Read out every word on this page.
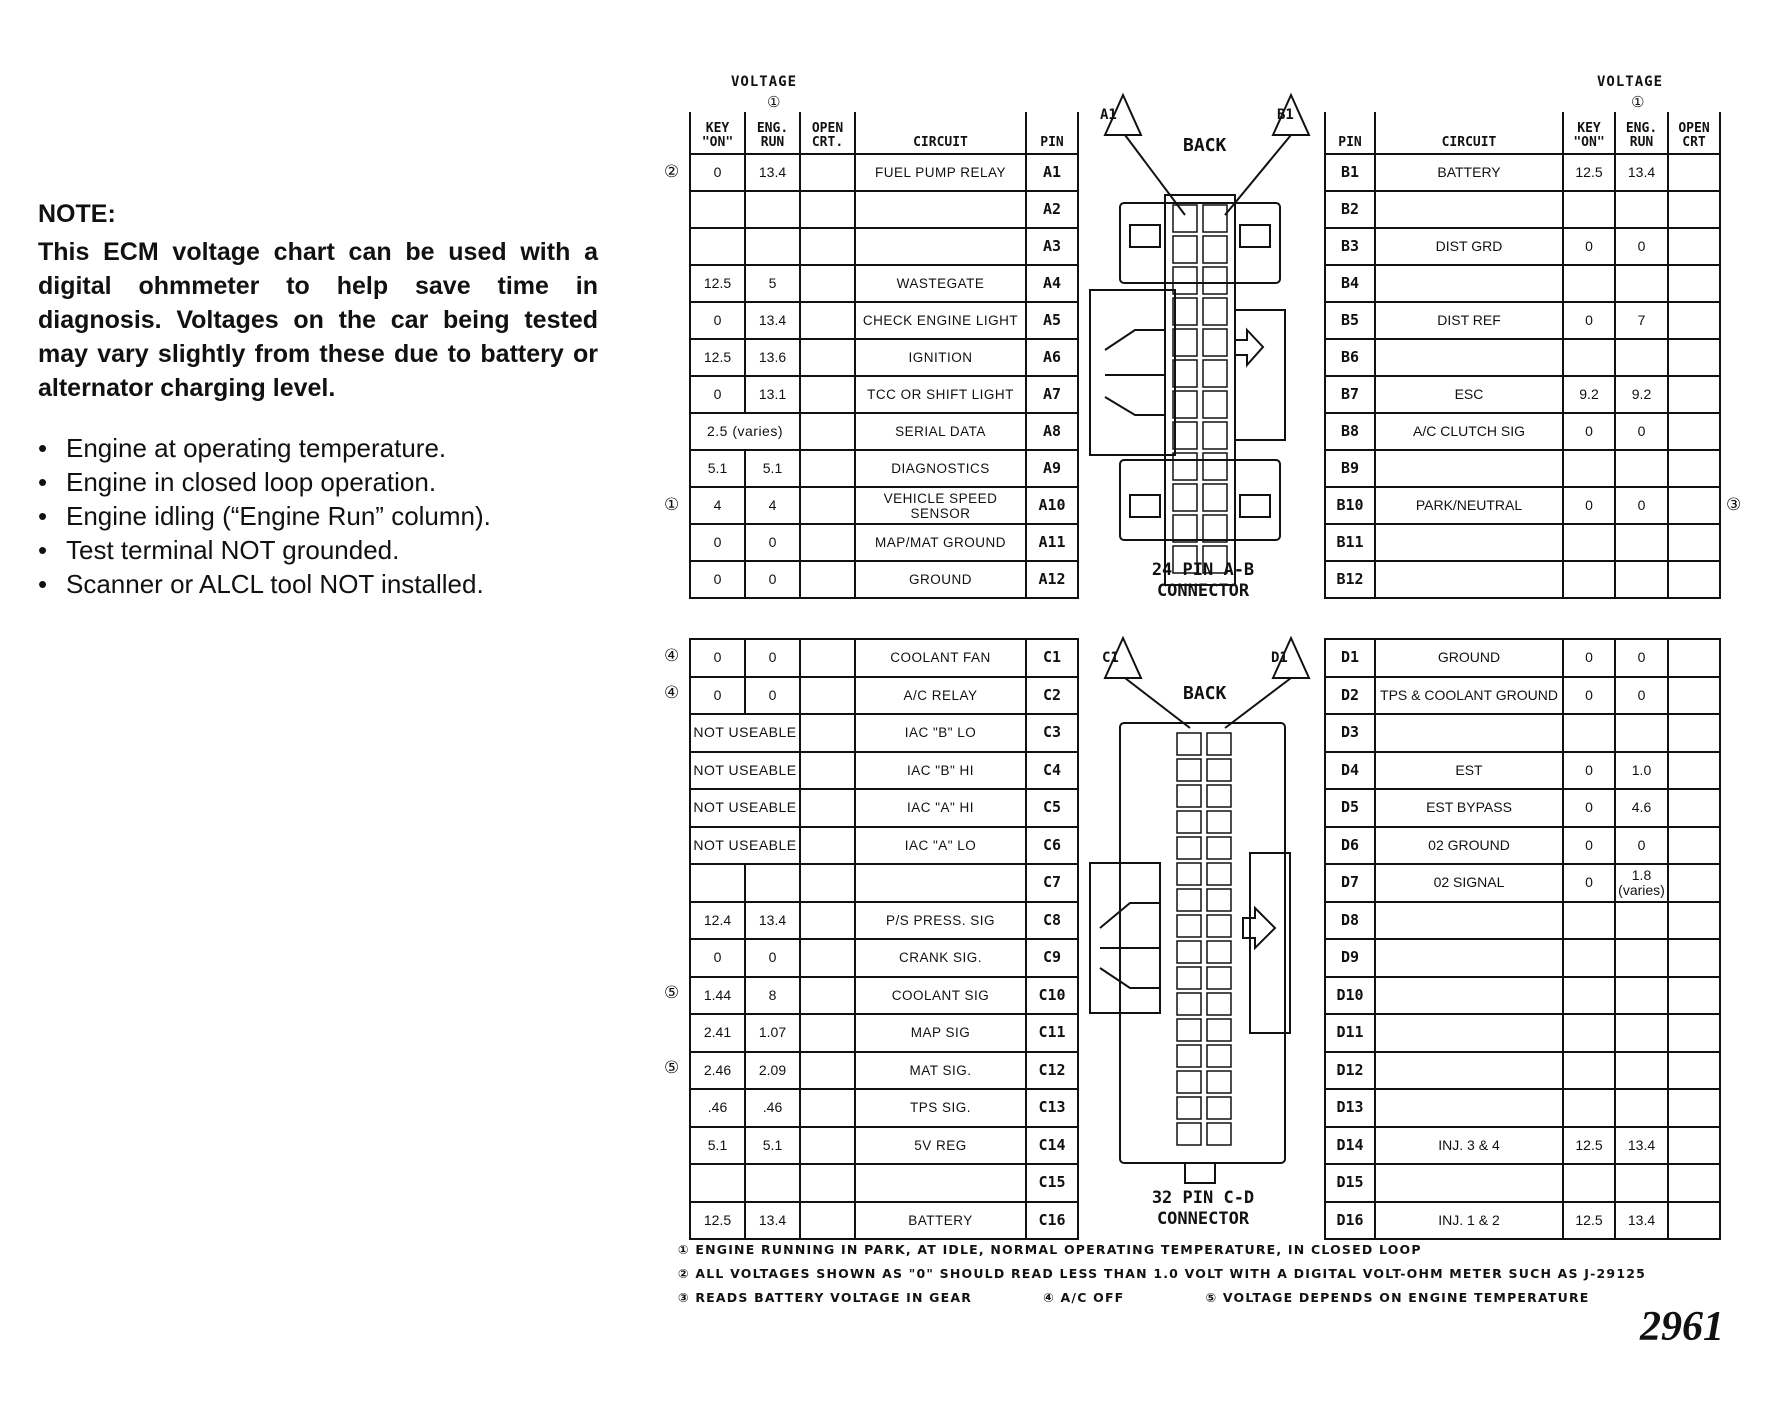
NOTE:

This ECM voltage chart can be used with a digital ohmmeter to help save time in diagnosis. Voltages on the car being tested may vary slightly from these due to battery or alternator charging level.

• Engine at operating temperature.
• Engine in closed loop operation.
• Engine idling (“Engine Run” column).
• Test terminal NOT grounded.
• Scanner or ALCL tool NOT installed.
VOLTAGE	VOLTAGE
①	①
KEY "ON"	ENG. RUN	OPEN CRT.	CIRCUIT	PIN
0	13.4		FUEL PUMP RELAY	A1
				A2
				A3
12.5	5		WASTEGATE	A4
0	13.4		CHECK ENGINE LIGHT	A5
12.5	13.6		IGNITION	A6
0	13.1		TCC OR SHIFT LIGHT	A7
2.5 (varies)			SERIAL DATA	A8
5.1	5.1		DIAGNOSTICS	A9
4	4		VEHICLE SPEED SENSOR	A10
0	0		MAP/MAT GROUND	A11
0	0		GROUND	A12
PIN	CIRCUIT	KEY "ON"	ENG. RUN	OPEN CRT
B1	BATTERY	12.5	13.4	
B2				
B3	DIST GRD	0	0	
B4				
B5	DIST REF	0	7	
B6				
B7	ESC	9.2	9.2	
B8	A/C CLUTCH SIG	0	0	
B9				
B10	PARK/NEUTRAL	0	0	
B11				
B12				
0	0		COOLANT FAN	C1
0	0		A/C RELAY	C2
NOT USEABLE			IAC "B" LO	C3
NOT USEABLE			IAC "B" HI	C4
NOT USEABLE			IAC "A" HI	C5
NOT USEABLE			IAC "A" LO	C6
				C7
12.4	13.4		P/S PRESS. SIG	C8
0	0		CRANK SIG.	C9
1.44	8		COOLANT SIG	C10
2.41	1.07		MAP SIG	C11
2.46	2.09		MAT SIG.	C12
.46	.46		TPS SIG.	C13
5.1	5.1		5V REG	C14
				C15
12.5	13.4		BATTERY	C16
D1	GROUND	0	0	
D2	TPS & COOLANT GROUND	0	0	
D3				
D4	EST	0	1.0	
D5	EST BYPASS	0	4.6	
D6	02 GROUND	0	0	
D7	02 SIGNAL	0	1.8 (varies)	
D8				
D9				
D10				
D11				
D12				
D13				
D14	INJ. 3 & 4	12.5	13.4	
D15				
D16	INJ. 1 & 2	12.5	13.4	
②
①	③
④
④
⑤
⑤
BACK
A1	B1
24 PIN A-B
CONNECTOR
BACK
C1	D1
32 PIN C-D
CONNECTOR
① ENGINE RUNNING IN PARK, AT IDLE, NORMAL OPERATING TEMPERATURE, IN CLOSED LOOP
② ALL VOLTAGES SHOWN AS "0" SHOULD READ LESS THAN 1.0 VOLT WITH A DIGITAL VOLT-OHM METER SUCH AS J-29125
③ READS BATTERY VOLTAGE IN GEAR	④ A/C OFF	⑤ VOLTAGE DEPENDS ON ENGINE TEMPERATURE
2961
